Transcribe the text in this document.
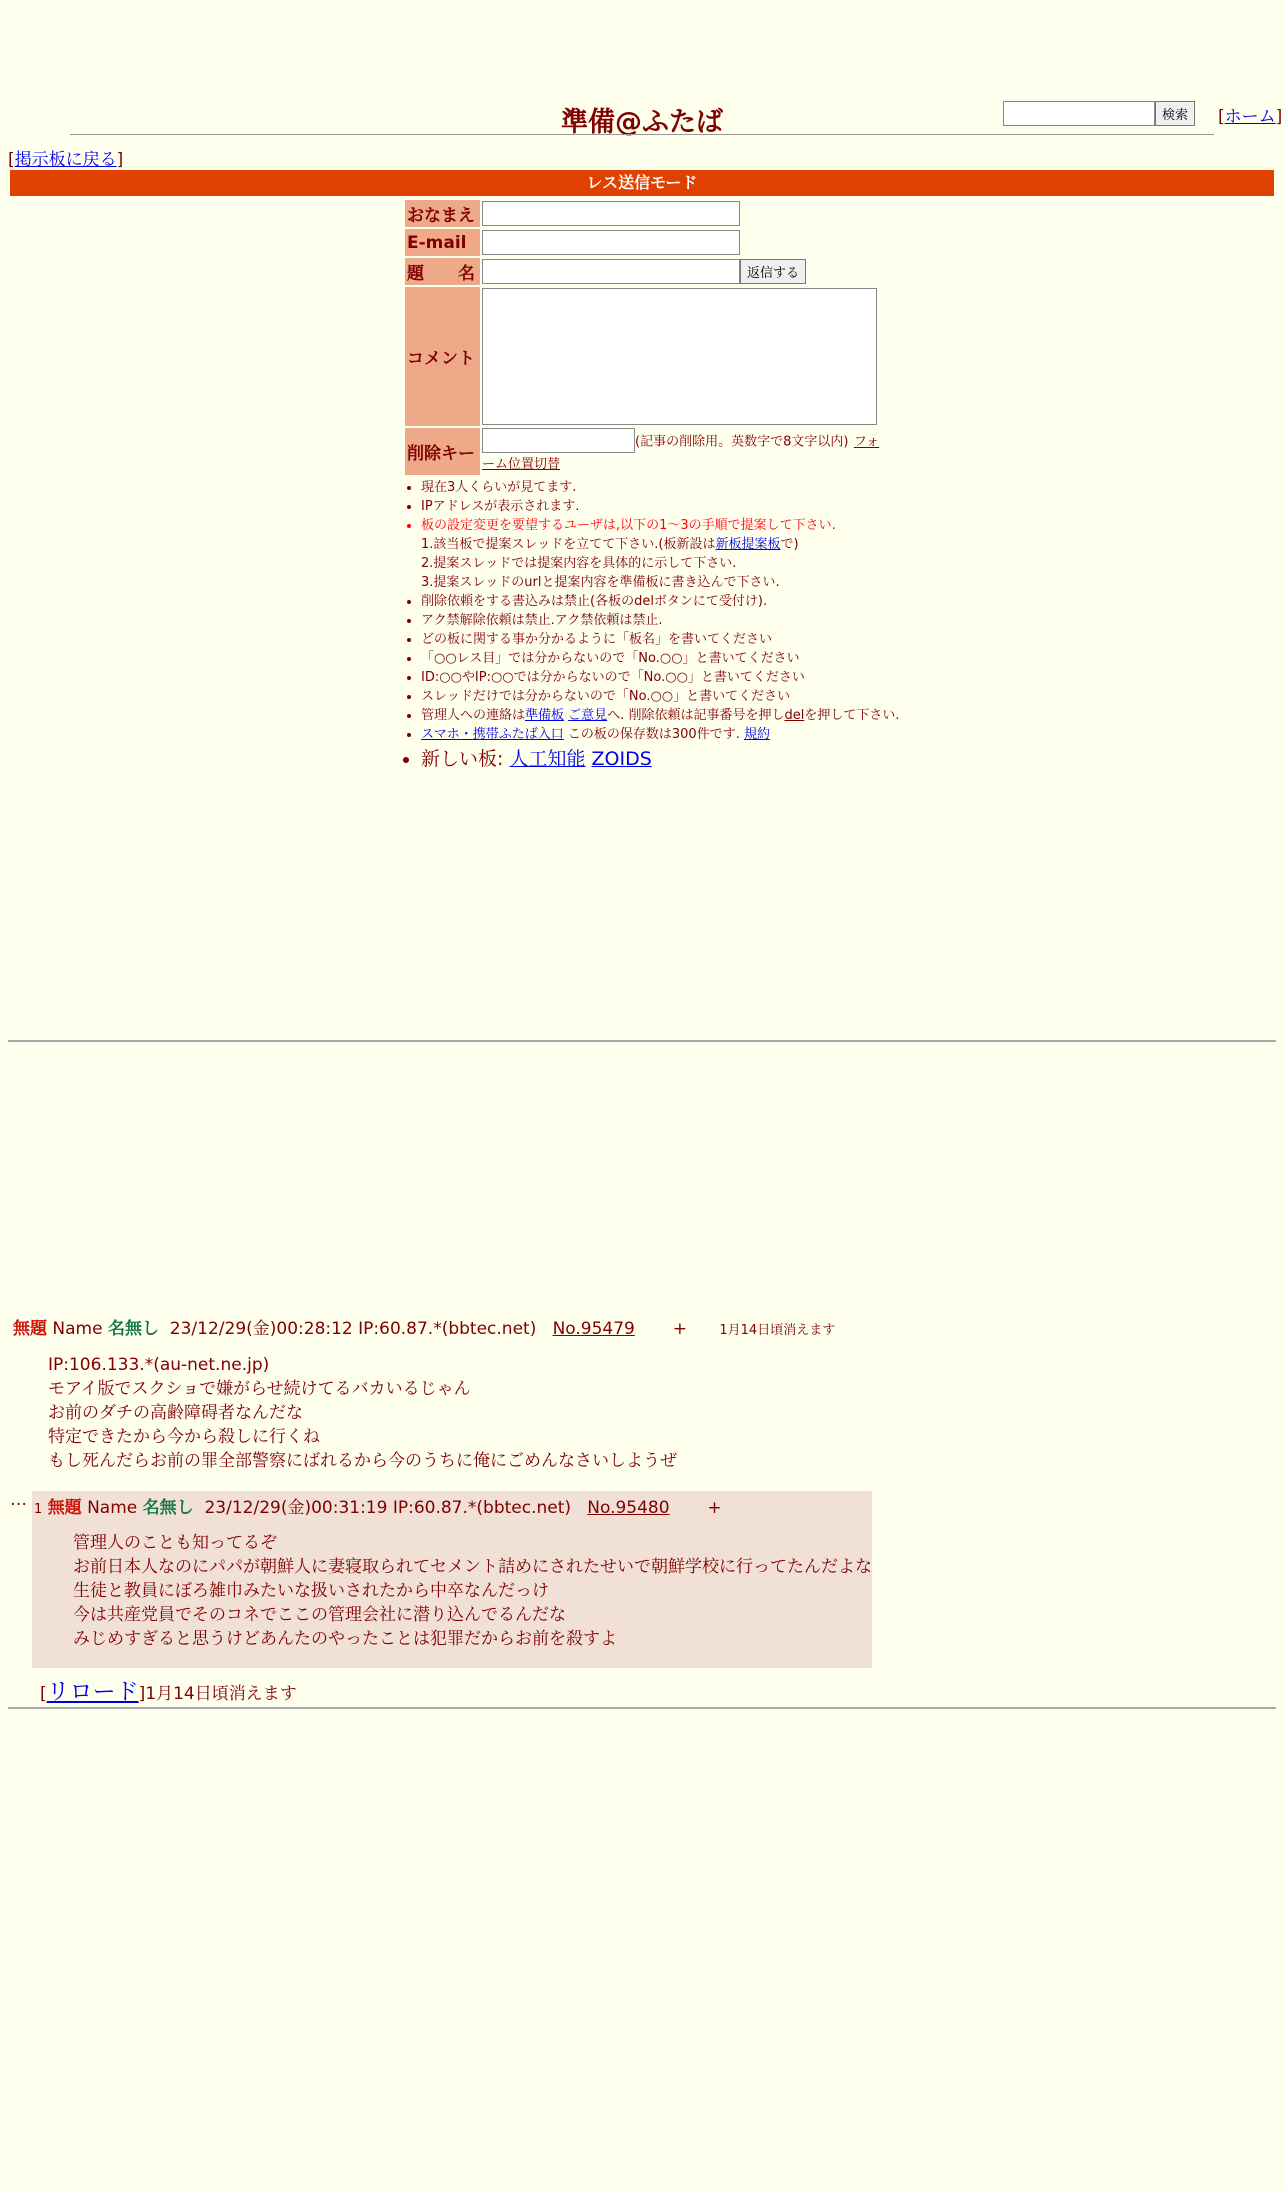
検索	[ホーム]
準備@ふたば
[掲示板に戻る]
レス送信モード
おなまえ
E-mail
題　　名	返信する
コメント
削除キー
(記事の削除用。英数字で8文字以内) フォーム位置切替
• 現在3人くらいが見てます.
• IPアドレスが表示されます.
• 板の設定変更を要望するユーザは,以下の1〜3の手順で提案して下さい.
1.該当板で提案スレッドを立てて下さい.(板新設は新板提案板で)
2.提案スレッドでは提案内容を具体的に示して下さい.
3.提案スレッドのurlと提案内容を準備板に書き込んで下さい.
• 削除依頼をする書込みは禁止(各板のdelボタンにて受付け).
• アク禁解除依頼は禁止.アク禁依頼は禁止.
• どの板に関する事か分かるように「板名」を書いてください
• 「○○レス目」では分からないので「No.○○」と書いてください
• ID:○○やIP:○○では分からないので「No.○○」と書いてください
• スレッドだけでは分からないので「No.○○」と書いてください
• 管理人への連絡は準備板 ご意見へ. 削除依頼は記事番号を押しdelを押して下さい.
• スマホ・携帯ふたば入口 この板の保存数は300件です. 規約
• 新しい板: 人工知能 ZOIDS
無題 Name 名無し 23/12/29(金)00:28:12 IP:60.87.*(bbtec.net) No.95479 + 1月14日頃消えます
IP:106.133.*(au-net.ne.jp)
モアイ版でスクショで嫌がらせ続けてるバカいるじゃん
お前のダチの高齢障碍者なんだな
特定できたから今から殺しに行くね
もし死んだらお前の罪全部警察にばれるから今のうちに俺にごめんなさいしようぜ
… 1 無題 Name 名無し 23/12/29(金)00:31:19 IP:60.87.*(bbtec.net) No.95480 +
管理人のことも知ってるぞ
お前日本人なのにパパが朝鮮人に妻寝取られてセメント詰めにされたせいで朝鮮学校に行ってたんだよな
生徒と教員にぼろ雑巾みたいな扱いされたから中卒なんだっけ
今は共産党員でそのコネでここの管理会社に潜り込んでるんだな
みじめすぎると思うけどあんたのやったことは犯罪だからお前を殺すよ
[リロード]1月14日頃消えます
